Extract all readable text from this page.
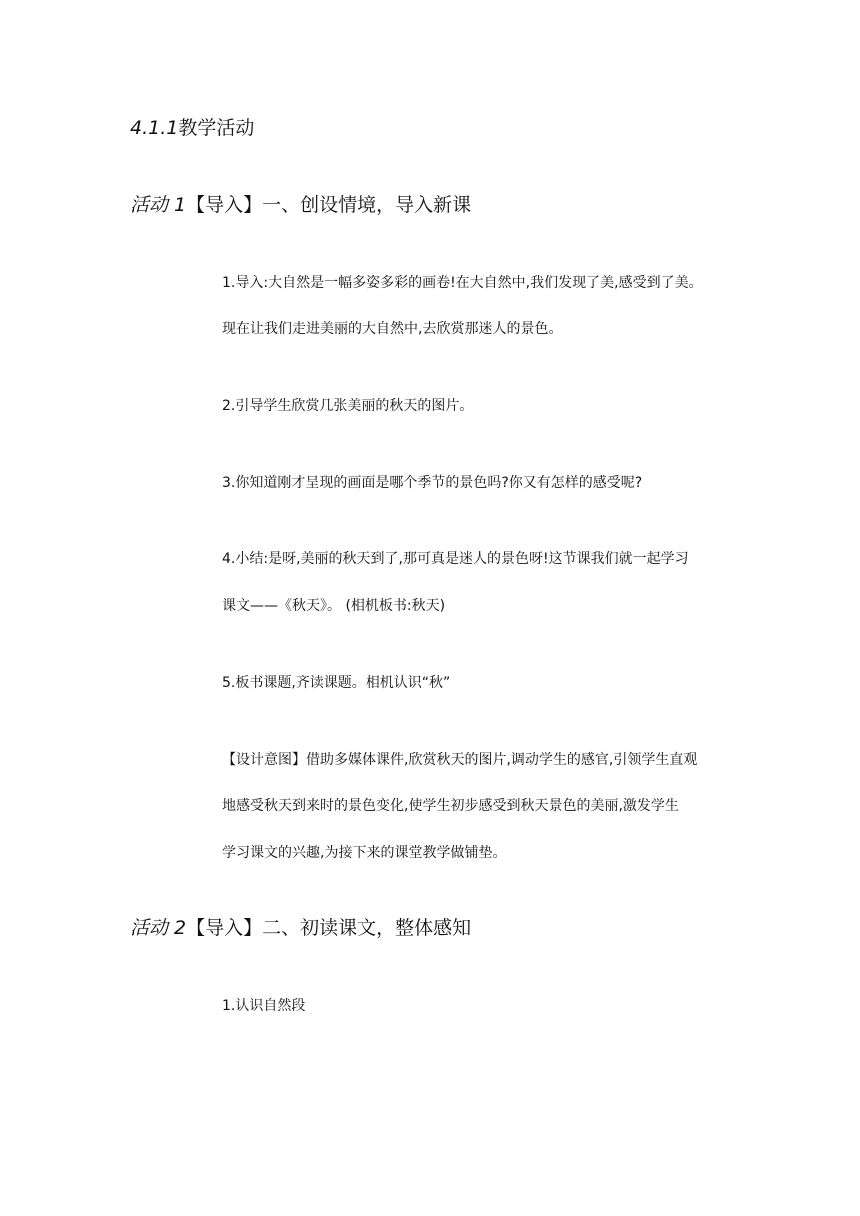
4.1.1教学活动
活动 1【导入】一、创设情境，导入新课
1.导入:大自然是一幅多姿多彩的画卷!在大自然中,我们发现了美,感受到了美。
现在让我们走进美丽的大自然中,去欣赏那迷人的景色。
2.引导学生欣赏几张美丽的秋天的图片。
3.你知道刚才呈现的画面是哪个季节的景色吗?你又有怎样的感受呢?
4.小结:是呀,美丽的秋天到了,那可真是迷人的景色呀!这节课我们就一起学习
课文——《秋天》。 (相机板书:秋天)
5.板书课题,齐读课题。相机认识“秋”
【设计意图】借助多媒体课件,欣赏秋天的图片,调动学生的感官,引领学生直观
地感受秋天到来时的景色变化,使学生初步感受到秋天景色的美丽,激发学生
学习课文的兴趣,为接下来的课堂教学做铺垫。
活动 2【导入】二、初读课文，整体感知
1.认识自然段
